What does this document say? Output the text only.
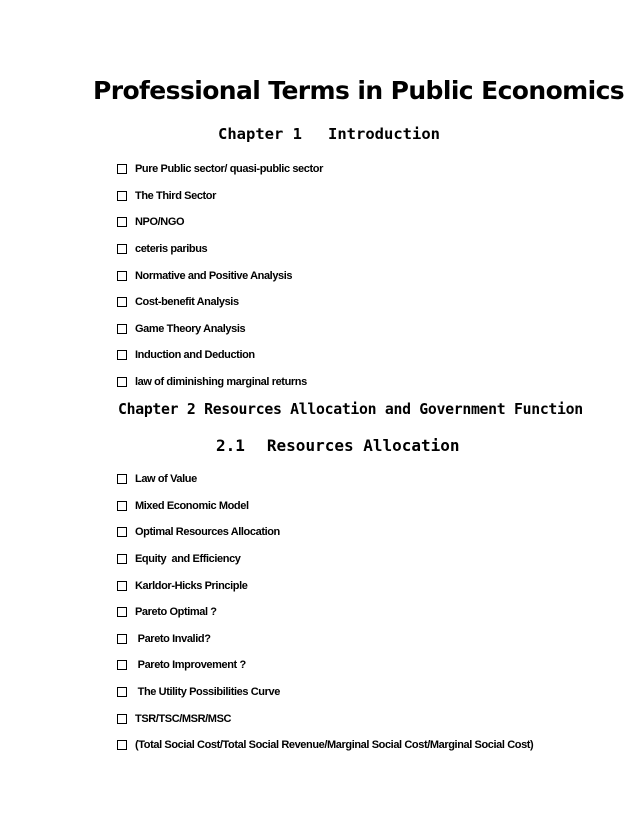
Professional Terms in Public Economics
Chapter 1 Introduction
Pure Public sector/ quasi-public sector
The Third Sector
NPO/NGO
ceteris paribus
Normative and Positive Analysis
Cost-benefit Analysis
Game Theory Analysis
Induction and Deduction
law of diminishing marginal returns
Chapter 2 Resources Allocation and Government Function
2.1 Resources Allocation
Law of Value
Mixed Economic Model
Optimal Resources Allocation
Equity  and Efficiency
Karldor-Hicks Principle
Pareto Optimal ?
Pareto Invalid?
Pareto Improvement ?
The Utility Possibilities Curve
TSR/TSC/MSR/MSC
(Total Social Cost/Total Social Revenue/Marginal Social Cost/Marginal Social Cost)
